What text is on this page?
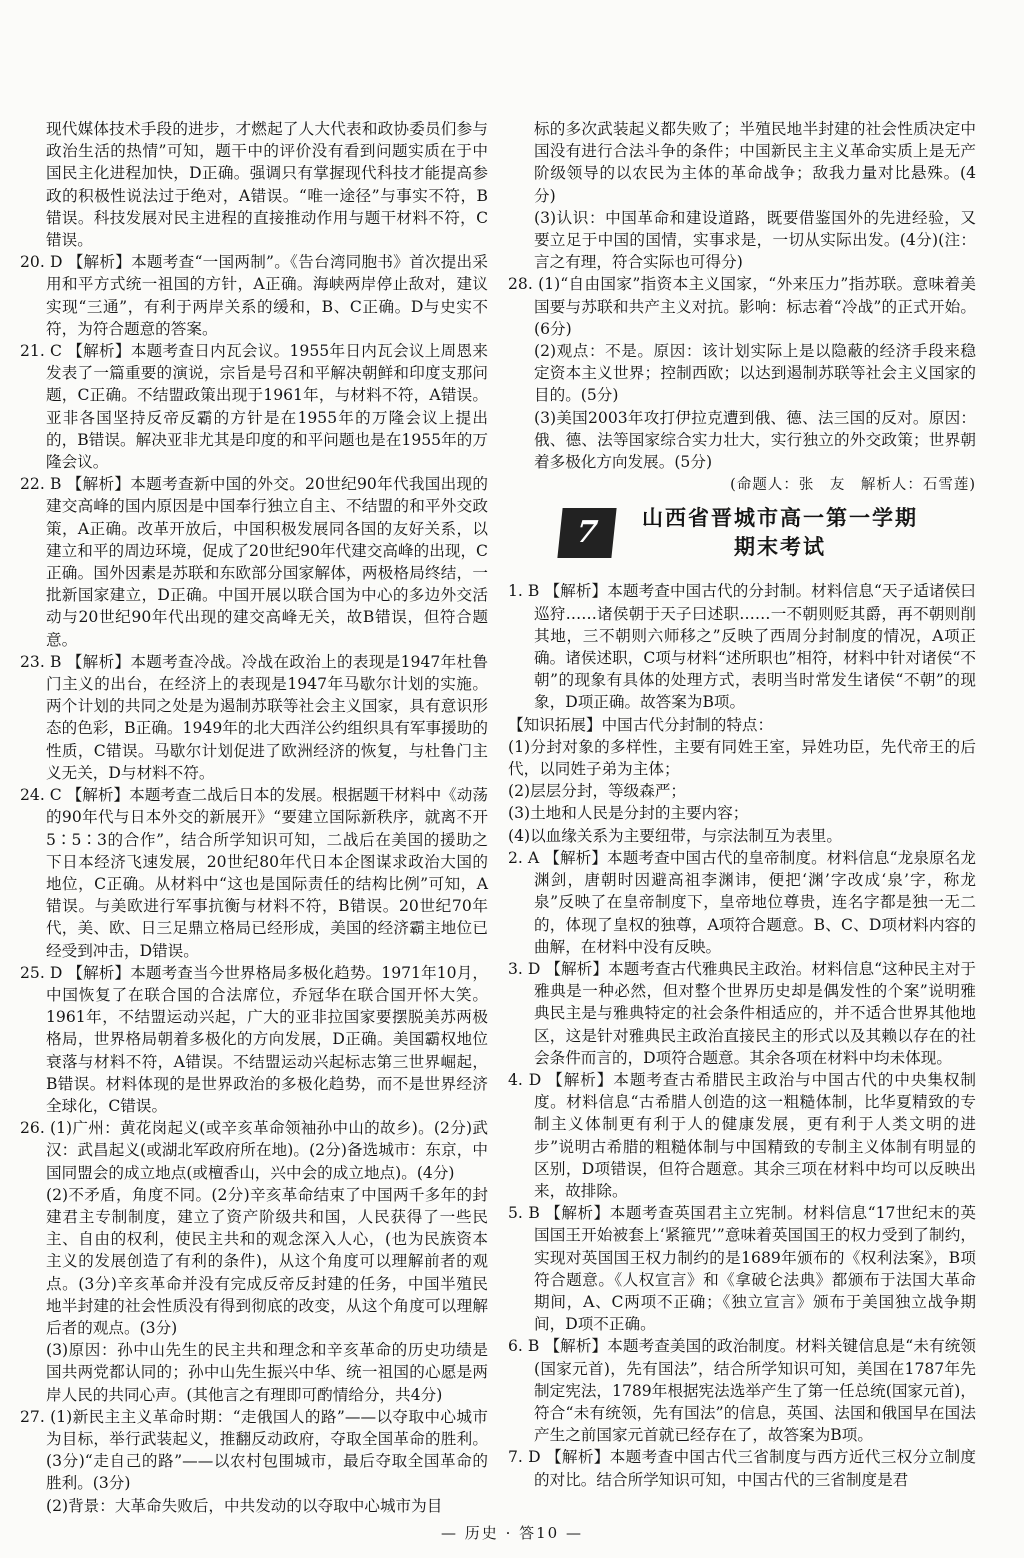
现代媒体技术手段的进步，才燃起了人大代表和政协委员们参与政治生活的热情”可知，题干中的评价没有看到问题实质在于中国民主化进程加快，D正确。强调只有掌握现代科技才能提高参政的积极性说法过于绝对，A错误。“唯一途径”与事实不符，B错误。科技发展对民主进程的直接推动作用与题干材料不符，C错误。

20. D 【解析】本题考查“一国两制”。《告台湾同胞书》首次提出采用和平方式统一祖国的方针，A正确。海峡两岸停止敌对，建议实现“三通”，有利于两岸关系的缓和，B、C正确。D与史实不符，为符合题意的答案。

21. C 【解析】本题考查日内瓦会议。1955年日内瓦会议上周恩来发表了一篇重要的演说，宗旨是号召和平解决朝鲜和印度支那问题，C正确。不结盟政策出现于1961年，与材料不符，A错误。亚非各国坚持反帝反霸的方针是在1955年的万隆会议上提出的，B错误。解决亚非尤其是印度的和平问题也是在1955年的万隆会议。

22. B 【解析】本题考查新中国的外交。20世纪90年代我国出现的建交高峰的国内原因是中国奉行独立自主、不结盟的和平外交政策，A正确。改革开放后，中国积极发展同各国的友好关系，以建立和平的周边环境，促成了20世纪90年代建交高峰的出现，C正确。国外因素是苏联和东欧部分国家解体，两极格局终结，一批新国家建立，D正确。中国开展以联合国为中心的多边外交活动与20世纪90年代出现的建交高峰无关，故B错误，但符合题意。

23. B 【解析】本题考查冷战。冷战在政治上的表现是1947年杜鲁门主义的出台，在经济上的表现是1947年马歇尔计划的实施。两个计划的共同之处是为遏制苏联等社会主义国家，具有意识形态的色彩，B正确。1949年的北大西洋公约组织具有军事援助的性质，C错误。马歇尔计划促进了欧洲经济的恢复，与杜鲁门主义无关，D与材料不符。

24. C 【解析】本题考查二战后日本的发展。根据题干材料中《动荡的90年代与日本外交的新展开》“要建立国际新秩序，就离不开5∶5∶3的合作”，结合所学知识可知，二战后在美国的援助之下日本经济飞速发展，20世纪80年代日本企图谋求政治大国的地位，C正确。从材料中“这也是国际责任的结构比例”可知，A错误。与美欧进行军事抗衡与材料不符，B错误。20世纪70年代，美、欧、日三足鼎立格局已经形成，美国的经济霸主地位已经受到冲击，D错误。

25. D 【解析】本题考查当今世界格局多极化趋势。1971年10月，中国恢复了在联合国的合法席位，乔冠华在联合国开怀大笑。1961年，不结盟运动兴起，广大的亚非拉国家要摆脱美苏两极格局，世界格局朝着多极化的方向发展，D正确。美国霸权地位衰落与材料不符，A错误。不结盟运动兴起标志第三世界崛起，B错误。材料体现的是世界政治的多极化趋势，而不是世界经济全球化，C错误。

26. (1)广州：黄花岗起义(或辛亥革命领袖孙中山的故乡)。(2分)武汉：武昌起义(或湖北军政府所在地)。(2分)备选城市：东京，中国同盟会的成立地点(或檀香山，兴中会的成立地点)。(4分)

(2)不矛盾，角度不同。(2分)辛亥革命结束了中国两千多年的封建君主专制制度，建立了资产阶级共和国，人民获得了一些民主、自由的权利，使民主共和的观念深入人心，(也为民族资本主义的发展创造了有利的条件)，从这个角度可以理解前者的观点。(3分)辛亥革命并没有完成反帝反封建的任务，中国半殖民地半封建的社会性质没有得到彻底的改变，从这个角度可以理解后者的观点。(3分)

(3)原因：孙中山先生的民主共和理念和辛亥革命的历史功绩是国共两党都认同的；孙中山先生振兴中华、统一祖国的心愿是两岸人民的共同心声。(其他言之有理即可酌情给分，共4分)

27. (1)新民主主义革命时期：“走俄国人的路”——以夺取中心城市为目标，举行武装起义，推翻反动政府，夺取全国革命的胜利。(3分)“走自己的路”——以农村包围城市，最后夺取全国革命的胜利。(3分)

(2)背景：大革命失败后，中共发动的以夺取中心城市为目

标的多次武装起义都失败了；半殖民地半封建的社会性质决定中国没有进行合法斗争的条件；中国新民主主义革命实质上是无产阶级领导的以农民为主体的革命战争；敌我力量对比悬殊。(4分)

(3)认识：中国革命和建设道路，既要借鉴国外的先进经验，又要立足于中国的国情，实事求是，一切从实际出发。(4分)(注：言之有理，符合实际也可得分)

28. (1)“自由国家”指资本主义国家，“外来压力”指苏联。意味着美国要与苏联和共产主义对抗。影响：标志着“冷战”的正式开始。(6分)

(2)观点：不是。原因：该计划实际上是以隐蔽的经济手段来稳定资本主义世界；控制西欧；以达到遏制苏联等社会主义国家的目的。(5分)

(3)美国2003年攻打伊拉克遭到俄、德、法三国的反对。原因：俄、德、法等国家综合实力壮大，实行独立的外交政策；世界朝着多极化方向发展。(5分)

(命题人：张　友　解析人：石雪莲)

7	山西省晋城市高一第一学期
期末考试

1. B 【解析】本题考查中国古代的分封制。材料信息“天子适诸侯曰巡狩……诸侯朝于天子曰述职……一不朝则贬其爵，再不朝则削其地，三不朝则六师移之”反映了西周分封制度的情况，A项正确。诸侯述职，C项与材料“述所职也”相符，材料中针对诸侯“不朝”的现象有具体的处理方式，表明当时常发生诸侯“不朝”的现象，D项正确。故答案为B项。

【知识拓展】中国古代分封制的特点：

(1)分封对象的多样性，主要有同姓王室，异姓功臣，先代帝王的后代，以同姓子弟为主体；

(2)层层分封，等级森严；

(3)土地和人民是分封的主要内容；

(4)以血缘关系为主要纽带，与宗法制互为表里。

2. A 【解析】本题考查中国古代的皇帝制度。材料信息“龙泉原名龙渊剑，唐朝时因避高祖李渊讳，便把‘渊’字改成‘泉’字，称龙泉”反映了在皇帝制度下，皇帝地位尊贵，连名字都是独一无二的，体现了皇权的独尊，A项符合题意。B、C、D项材料内容的曲解，在材料中没有反映。

3. D 【解析】本题考查古代雅典民主政治。材料信息“这种民主对于雅典是一种必然，但对整个世界历史却是偶发性的个案”说明雅典民主是与雅典特定的社会条件相适应的，并不适合世界其他地区，这是针对雅典民主政治直接民主的形式以及其赖以存在的社会条件而言的，D项符合题意。其余各项在材料中均未体现。

4. D 【解析】本题考查古希腊民主政治与中国古代的中央集权制度。材料信息“古希腊人创造的这一粗糙体制，比华夏精致的专制主义体制更有利于人的健康发展，更有利于人类文明的进步”说明古希腊的粗糙体制与中国精致的专制主义体制有明显的区别，D项错误，但符合题意。其余三项在材料中均可以反映出来，故排除。

5. B 【解析】本题考查英国君主立宪制。材料信息“17世纪末的英国国王开始被套上‘紧箍咒’”意味着英国国王的权力受到了制约，实现对英国国王权力制约的是1689年颁布的《权利法案》，B项符合题意。《人权宣言》和《拿破仑法典》都颁布于法国大革命期间，A、C两项不正确；《独立宣言》颁布于美国独立战争期间，D项不正确。

6. B 【解析】本题考查美国的政治制度。材料关键信息是“未有统领(国家元首)，先有国法”，结合所学知识可知，美国在1787年先制定宪法，1789年根据宪法选举产生了第一任总统(国家元首)，符合“未有统领，先有国法”的信息，英国、法国和俄国早在国法产生之前国家元首就已经存在了，故答案为B项。

7. D 【解析】本题考查中国古代三省制度与西方近代三权分立制度的对比。结合所学知识可知，中国古代的三省制度是君

— 历史 · 答10 —
